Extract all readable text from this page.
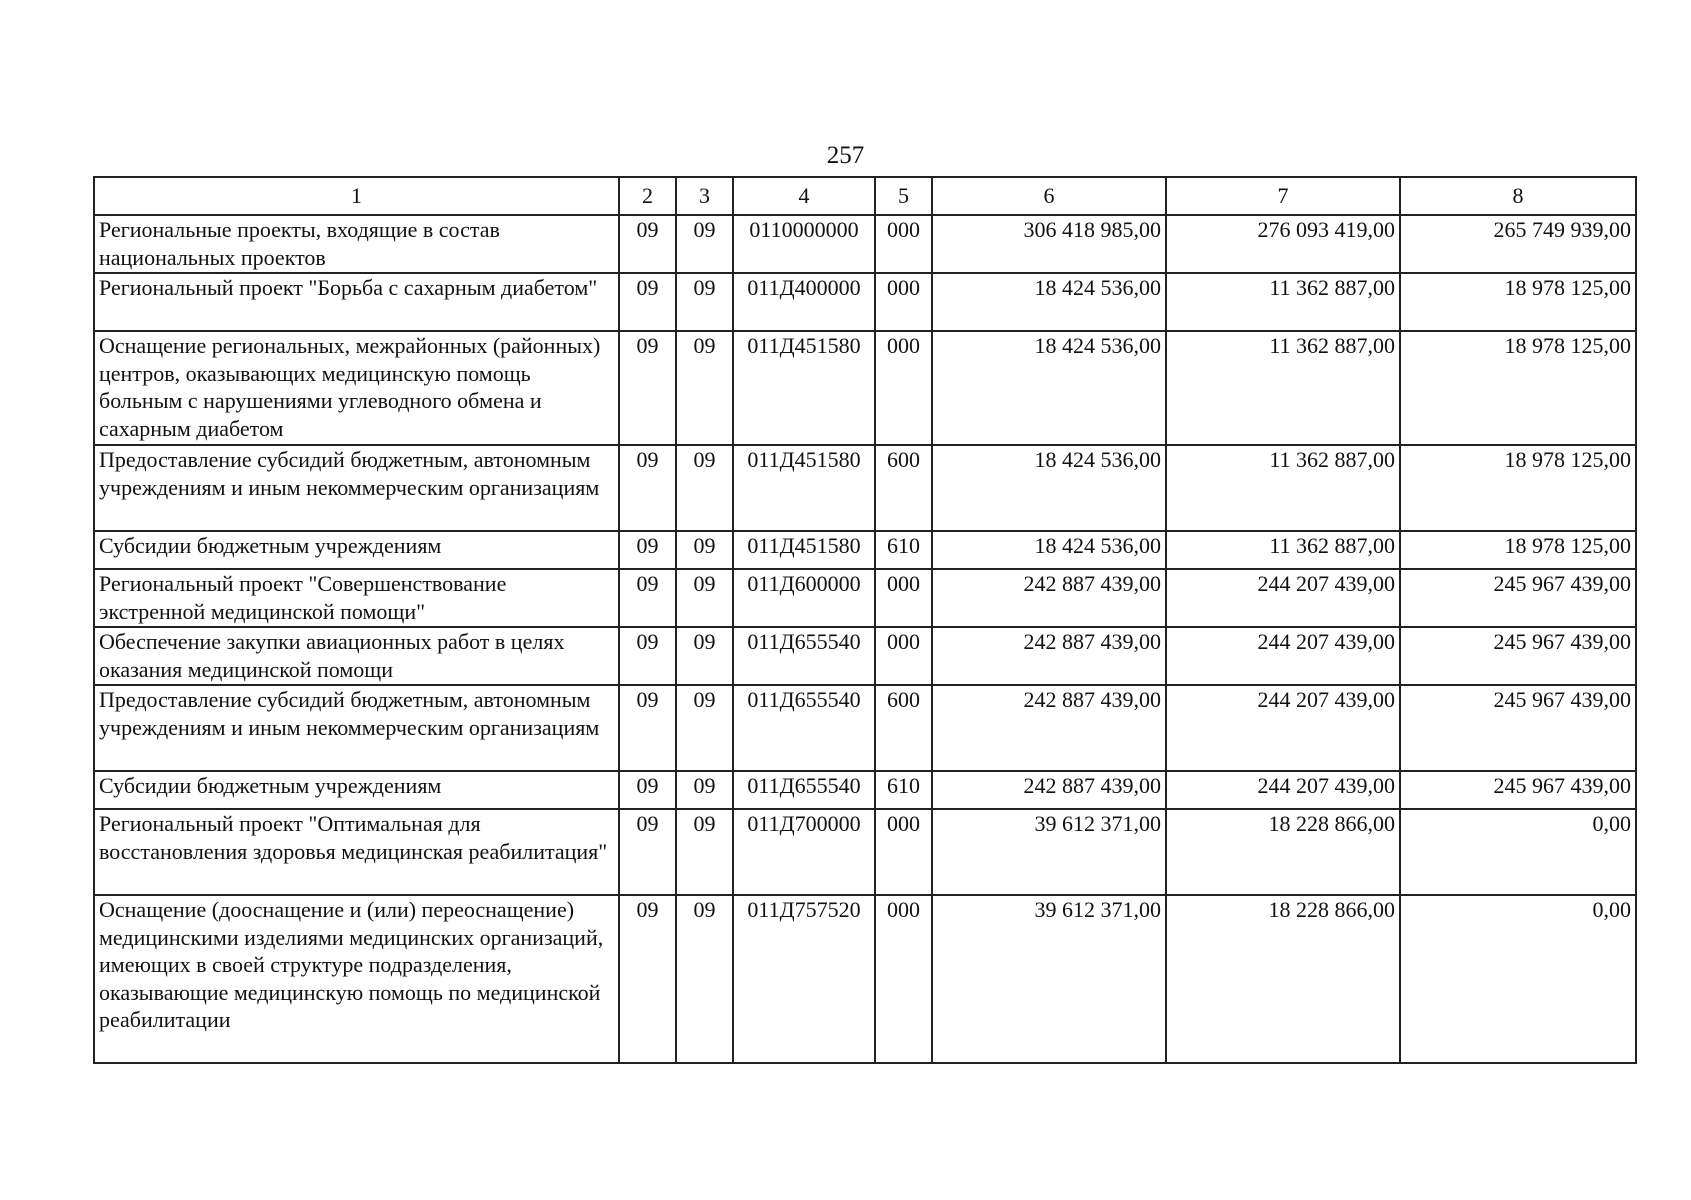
257
1	2	3	4	5	6	7	8
Региональные проекты, входящие в состав национальных проектов	09	09	0110000000	000	306 418 985,00	276 093 419,00	265 749 939,00
Региональный проект "Борьба с сахарным диабетом"	09	09	011Д400000	000	18 424 536,00	11 362 887,00	18 978 125,00
Оснащение региональных, межрайонных (районных) центров, оказывающих медицинскую помощь больным с нарушениями углеводного обмена и сахарным диабетом	09	09	011Д451580	000	18 424 536,00	11 362 887,00	18 978 125,00
Предоставление субсидий бюджетным, автономным учреждениям и иным некоммерческим организациям	09	09	011Д451580	600	18 424 536,00	11 362 887,00	18 978 125,00
Субсидии бюджетным учреждениям	09	09	011Д451580	610	18 424 536,00	11 362 887,00	18 978 125,00
Региональный проект "Совершенствование экстренной медицинской помощи"	09	09	011Д600000	000	242 887 439,00	244 207 439,00	245 967 439,00
Обеспечение закупки авиационных работ в целях оказания медицинской помощи	09	09	011Д655540	000	242 887 439,00	244 207 439,00	245 967 439,00
Предоставление субсидий бюджетным, автономным учреждениям и иным некоммерческим организациям	09	09	011Д655540	600	242 887 439,00	244 207 439,00	245 967 439,00
Субсидии бюджетным учреждениям	09	09	011Д655540	610	242 887 439,00	244 207 439,00	245 967 439,00
Региональный проект "Оптимальная для восстановления здоровья медицинская реабилитация"	09	09	011Д700000	000	39 612 371,00	18 228 866,00	0,00
Оснащение (дооснащение и (или) переоснащение) медицинскими изделиями медицинских организаций, имеющих в своей структуре подразделения, оказывающие медицинскую помощь по медицинской реабилитации	09	09	011Д757520	000	39 612 371,00	18 228 866,00	0,00
